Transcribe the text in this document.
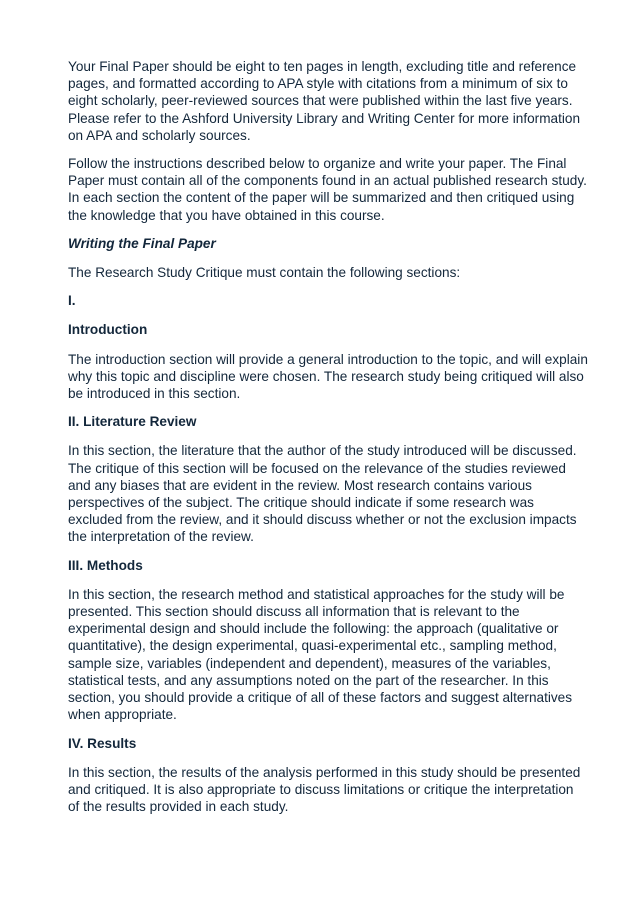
Your Final Paper should be eight to ten pages in length, excluding title and reference pages, and formatted according to APA style with citations from a minimum of six to eight scholarly, peer-reviewed sources that were published within the last five years. Please refer to the Ashford University Library and Writing Center for more information on APA and scholarly sources.

Follow the instructions described below to organize and write your paper. The Final Paper must contain all of the components found in an actual published research study. In each section the content of the paper will be summarized and then critiqued using the knowledge that you have obtained in this course.

Writing the Final Paper

The Research Study Critique must contain the following sections:

I.

Introduction

The introduction section will provide a general introduction to the topic, and will explain why this topic and discipline were chosen. The research study being critiqued will also be introduced in this section.

II. Literature Review

In this section, the literature that the author of the study introduced will be discussed. The critique of this section will be focused on the relevance of the studies reviewed and any biases that are evident in the review. Most research contains various perspectives of the subject. The critique should indicate if some research was excluded from the review, and it should discuss whether or not the exclusion impacts the interpretation of the review.

III. Methods

In this section, the research method and statistical approaches for the study will be presented. This section should discuss all information that is relevant to the experimental design and should include the following: the approach (qualitative or quantitative), the design experimental, quasi-experimental etc., sampling method, sample size, variables (independent and dependent), measures of the variables, statistical tests, and any assumptions noted on the part of the researcher. In this section, you should provide a critique of all of these factors and suggest alternatives when appropriate.

IV. Results

In this section, the results of the analysis performed in this study should be presented and critiqued. It is also appropriate to discuss limitations or critique the interpretation of the results provided in each study.
